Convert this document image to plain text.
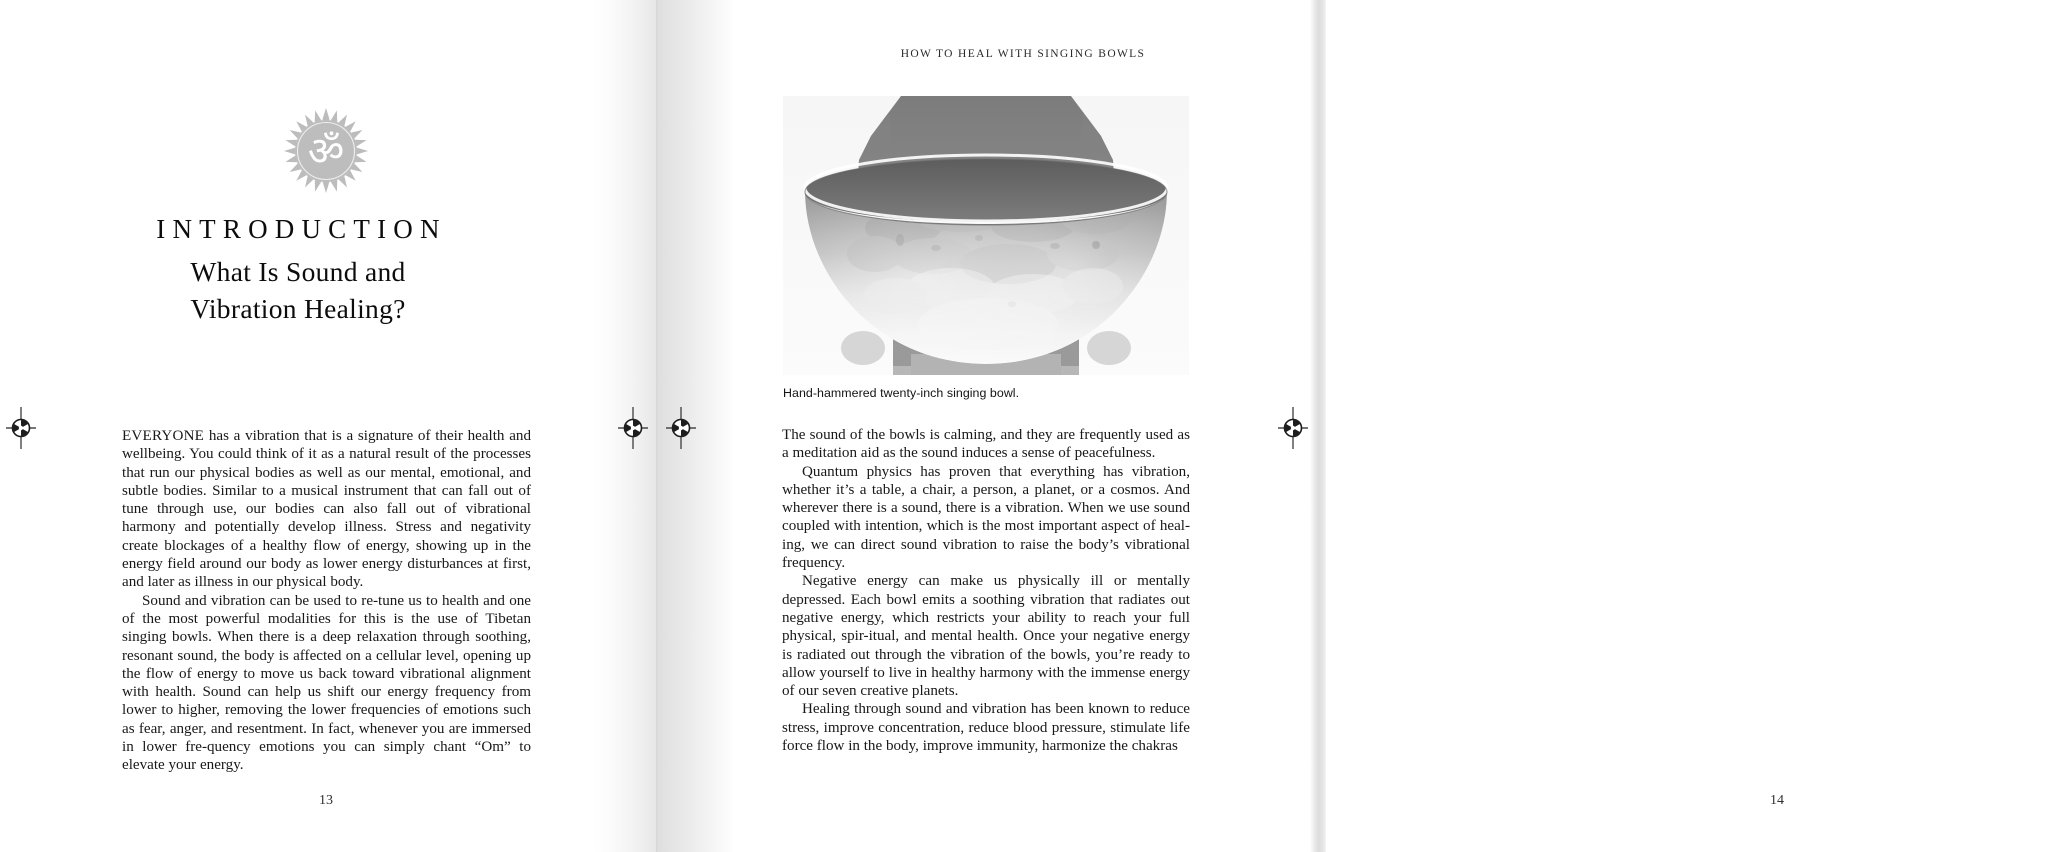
ॐ
INTRODUCTION
What Is Sound and
Vibration Healing?

EVERYONE has a vibration that is a signature of their health and wellbeing. You could think of it as a natural result of the processes that run our physical bodies as well as our mental, emotional, and subtle bodies. Similar to a musical instrument that can fall out of tune through use, our bodies can also fall out of vibrational harmony and potentially develop illness. Stress and negativity create blockages of a healthy flow of energy, showing up in the energy field around our body as lower energy disturbances at first, and later as illness in our physical body.

Sound and vibration can be used to re-tune us to health and one of the most powerful modalities for this is the use of Tibetan singing bowls. When there is a deep relaxation through soothing, resonant sound, the body is affected on a cellular level, opening up the flow of energy to move us back toward vibrational alignment with health. Sound can help us shift our energy frequency from lower to higher, removing the lower frequencies of emotions such as fear, anger, and resentment. In fact, whenever you are immersed in lower fre-quency emotions you can simply chant “Om” to elevate your energy.

13
HOW TO HEAL WITH SINGING BOWLS
14
Hand-hammered twenty-inch singing bowl.

The sound of the bowls is calming, and they are frequently used as a meditation aid as the sound induces a sense of peacefulness.

Quantum physics has proven that everything has vibration, whether it’s a table, a chair, a person, a planet, or a cosmos. And wherever there is a sound, there is a vibration. When we use sound coupled with intention, which is the most important aspect of heal-ing, we can direct sound vibration to raise the body’s vibrational frequency.

Negative energy can make us physically ill or mentally depressed. Each bowl emits a soothing vibration that radiates out negative energy, which restricts your ability to reach your full physical, spir-itual, and mental health. Once your negative energy is radiated out through the vibration of the bowls, you’re ready to allow yourself to live in healthy harmony with the immense energy of our seven creative planets.

Healing through sound and vibration has been known to reduce stress, improve concentration, reduce blood pressure, stimulate life force flow in the body, improve immunity, harmonize the chakras
